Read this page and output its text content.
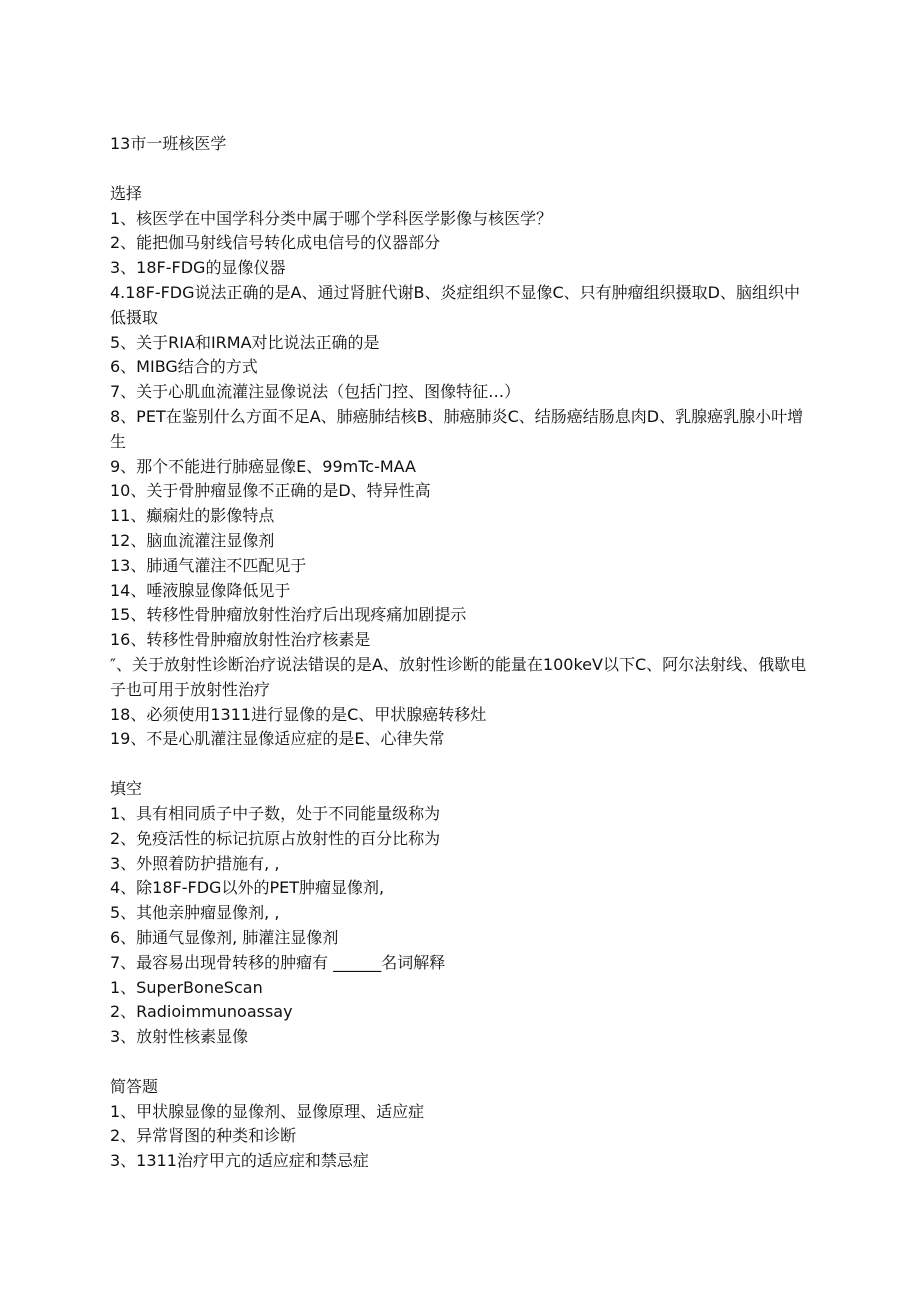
13市一班核医学
选择
1、核医学在中国学科分类中属于哪个学科医学影像与核医学？
2、能把伽马射线信号转化成电信号的仪器部分
3、18F-FDG的显像仪器
4.18F-FDG说法正确的是A、通过肾脏代谢B、炎症组织不显像C、只有肿瘤组织摄取D、脑组织中低摄取
5、关于RIA和IRMA对比说法正确的是
6、MIBG结合的方式
7、关于心肌血流灌注显像说法（包括门控、图像特征…）
8、PET在鉴别什么方面不足A、肺癌肺结核B、肺癌肺炎C、结肠癌结肠息肉D、乳腺癌乳腺小叶增生
9、那个不能进行肺癌显像E、99mTc-MAA
10、关于骨肿瘤显像不正确的是D、特异性高
11、癫痫灶的影像特点
12、脑血流灌注显像剂
13、肺通气灌注不匹配见于
14、唾液腺显像降低见于
15、转移性骨肿瘤放射性治疗后出现疼痛加剧提示
16、转移性骨肿瘤放射性治疗核素是
″、关于放射性诊断治疗说法错误的是A、放射性诊断的能量在100keV以下C、阿尔法射线、俄歇电子也可用于放射性治疗
18、必须使用1311进行显像的是C、甲状腺癌转移灶
19、不是心肌灌注显像适应症的是E、心律失常
填空
1、具有相同质子中子数，处于不同能量级称为
2、免疫活性的标记抗原占放射性的百分比称为
3、外照着防护措施有, ,
4、除18F-FDG以外的PET肿瘤显像剂,
5、其他亲肿瘤显像剂, ,
6、肺通气显像剂, 肺灌注显像剂
7、最容易出现骨转移的肿瘤有 ______名词解释
1、SuperBoneScan
2、Radioimmunoassay
3、放射性核素显像
简答题
1、甲状腺显像的显像剂、显像原理、适应症
2、异常肾图的种类和诊断
3、1311治疗甲亢的适应症和禁忌症
